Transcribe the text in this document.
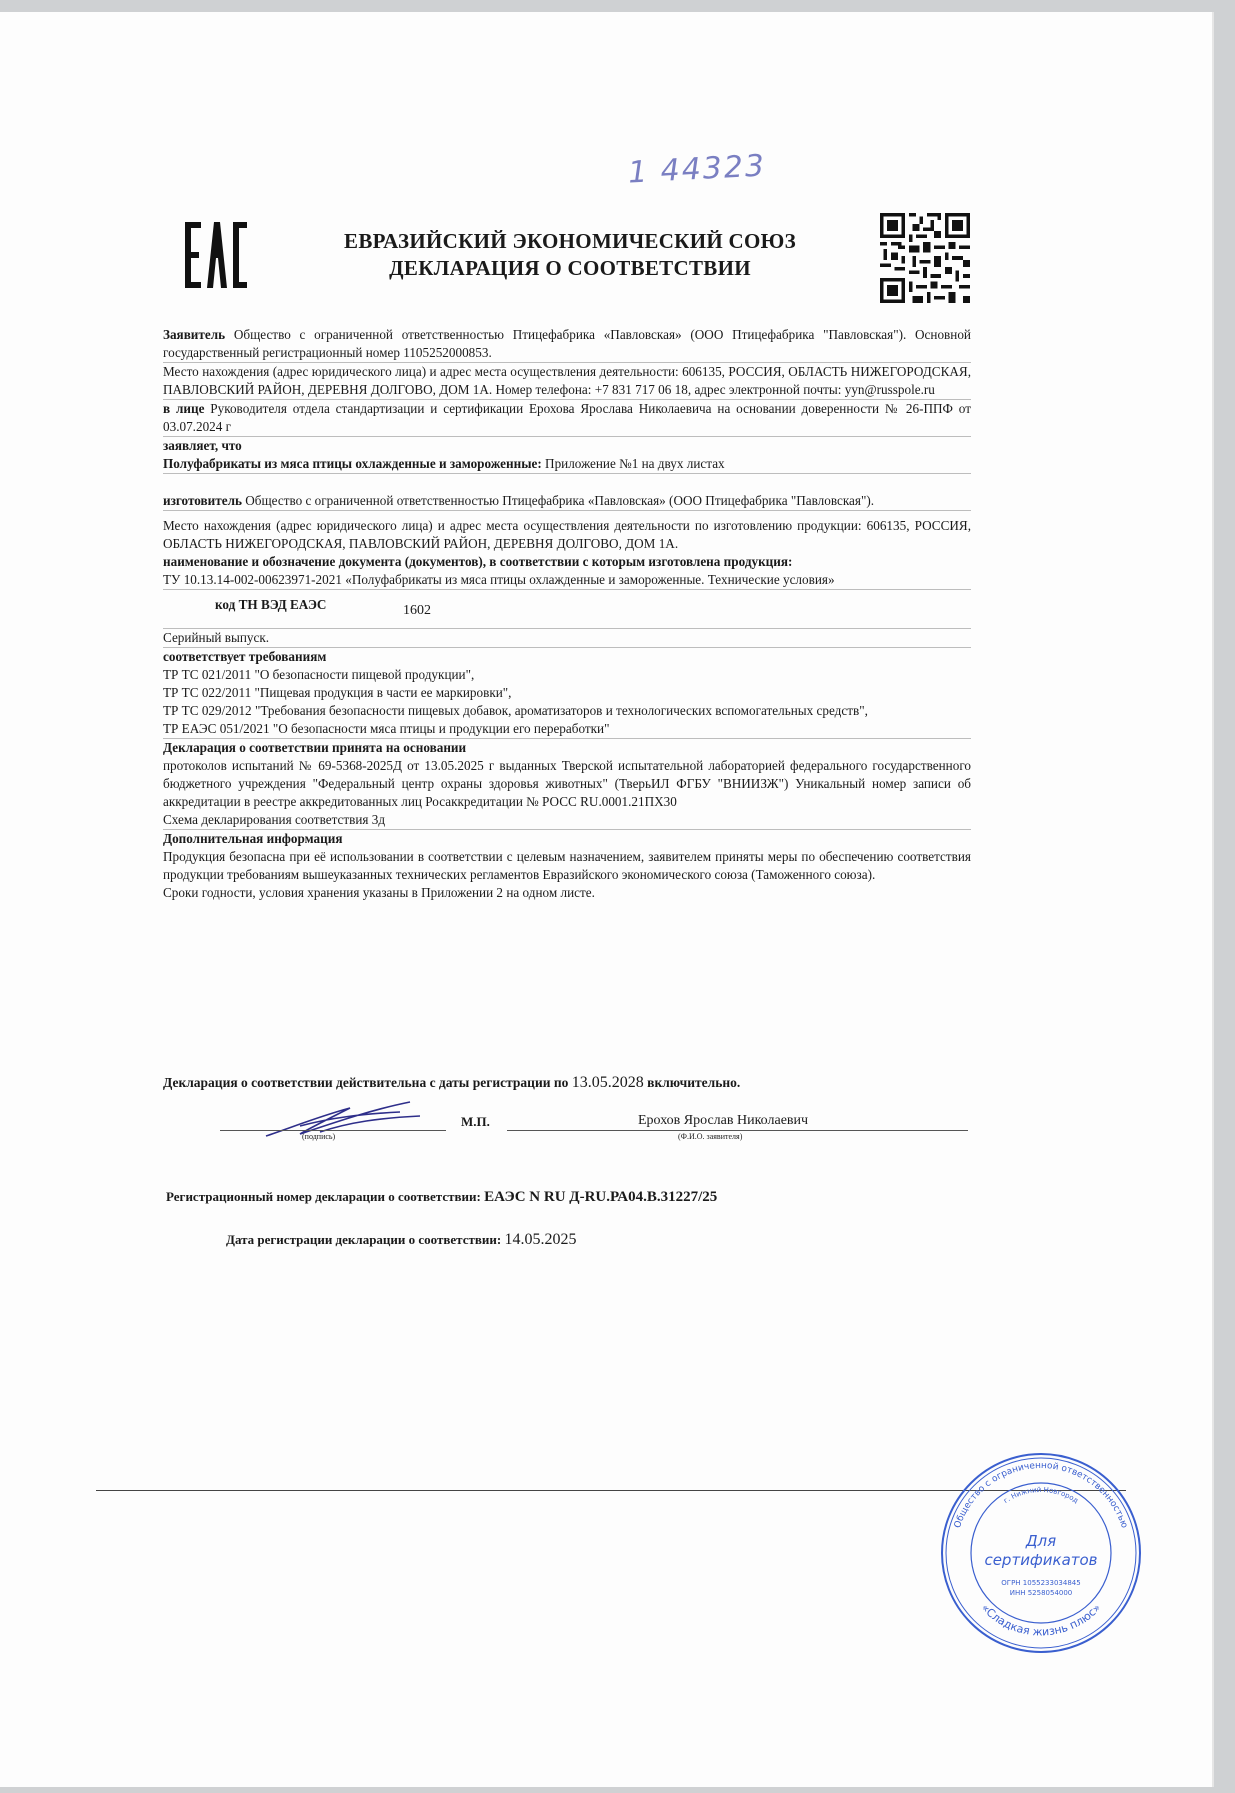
1 44323
ЕВРАЗИЙСКИЙ ЭКОНОМИЧЕСКИЙ СОЮЗ
ДЕКЛАРАЦИЯ О СООТВЕТСТВИИ

Заявитель Общество с ограниченной ответственностью Птицефабрика «Павловская» (ООО Птицефабрика "Павловская"). Основной государственный регистрационный номер 1105252000853.

Место нахождения (адрес юридического лица) и адрес места осуществления деятельности: 606135, РОССИЯ, ОБЛАСТЬ НИЖЕГОРОДСКАЯ, ПАВЛОВСКИЙ РАЙОН, ДЕРЕВНЯ ДОЛГОВО, ДОМ 1А. Номер телефона: +7 831 717 06 18, адрес электронной почты: yyn@russpole.ru

в лице Руководителя отдела стандартизации и сертификации Ерохова Ярослава Николаевича на основании доверенности № 26-ППФ от 03.07.2024 г

заявляет, что

Полуфабрикаты из мяса птицы охлажденные и замороженные: Приложение №1 на двух листах

изготовитель Общество с ограниченной ответственностью Птицефабрика «Павловская» (ООО Птицефабрика "Павловская").

Место нахождения (адрес юридического лица) и адрес места осуществления деятельности по изготовлению продукции: 606135, РОССИЯ, ОБЛАСТЬ НИЖЕГОРОДСКАЯ, ПАВЛОВСКИЙ РАЙОН, ДЕРЕВНЯ ДОЛГОВО, ДОМ 1А.

наименование и обозначение документа (документов), в соответствии с которым изготовлена продукция:

ТУ 10.13.14-002-00623971-2021 «Полуфабрикаты из мяса птицы охлажденные и замороженные. Технические условия»

код ТН ВЭД ЕАЭС	1602

Серийный выпуск.

соответствует требованиям

ТР ТС 021/2011 "О безопасности пищевой продукции",

ТР ТС 022/2011 "Пищевая продукция в части ее маркировки",

ТР ТС 029/2012 "Требования безопасности пищевых добавок, ароматизаторов и технологических вспомогательных средств",

ТР ЕАЭС 051/2021 "О безопасности мяса птицы и продукции его переработки"

Декларация о соответствии принята на основании

протоколов испытаний № 69-5368-2025Д от 13.05.2025 г выданных Тверской испытательной лабораторией федерального государственного бюджетного учреждения "Федеральный центр охраны здоровья животных" (ТверьИЛ ФГБУ "ВНИИЗЖ") Уникальный номер записи об аккредитации в реестре аккредитованных лиц Росаккредитации № РОСС RU.0001.21ПХ30

Схема декларирования соответствия 3д

Дополнительная информация

Продукция безопасна при её использовании в соответствии с целевым назначением, заявителем приняты меры по обеспечению соответствия продукции требованиям вышеуказанных технических регламентов Евразийского экономического союза (Таможенного союза).

Сроки годности, условия хранения указаны в Приложении 2 на одном листе.

Декларация о соответствии действительна с даты регистрации по 13.05.2028 включительно.
(подпись)
М.П.	Ерохов Ярослав Николаевич
(Ф.И.О. заявителя)
Регистрационный номер декларации о соответствии: ЕАЭС N RU Д-RU.РА04.В.31227/25
Дата регистрации декларации о соответствии: 14.05.2025
Общество с ограниченной ответственностью
«Сладкая жизнь плюс»
г. Нижний Новгород
Для
сертификатов
ОГРН 1055233034845
ИНН 5258054000
